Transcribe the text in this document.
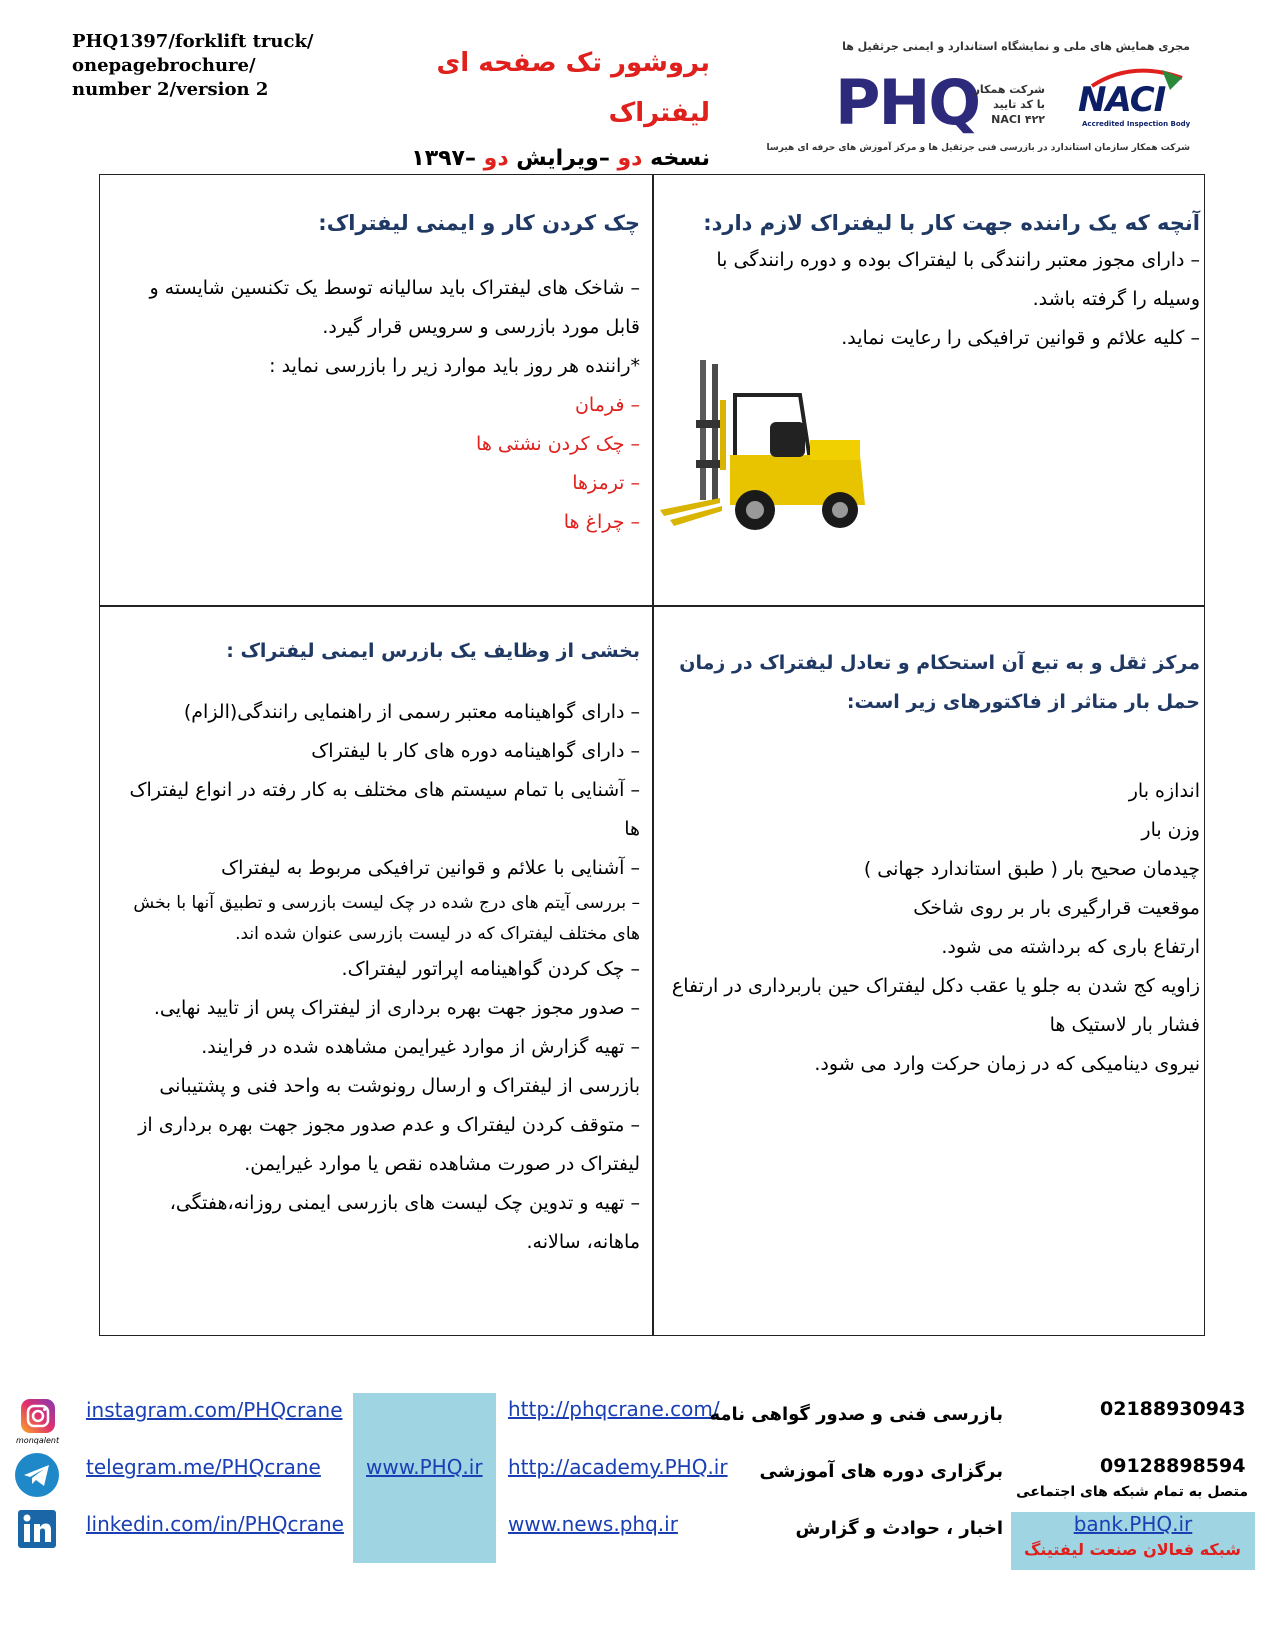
PHQ1397/forklift truck/
onepagebrochure/
number 2/version 2
بروشور تک صفحه ای
لیفتراک
نسخه دو –ویرایش دو –۱۳۹۷
مجری همایش های ملی و نمایشگاه استاندارد و ایمنی جرثقیل ها
PHQ
شرکت همکار
با کد تایید
NACI ۴۲۲ NACI
Accredited Inspection Body
شرکت همکار سازمان استاندارد در بازرسی فنی جرثقیل ها و مرکز آموزش های حرفه ای هیرسا
آنچه که یک راننده جهت کار با لیفتراک لازم دارد:
– دارای مجوز معتبر رانندگی با لیفتراک بوده و دوره رانندگی با وسیله را گرفته باشد.
– کلیه علائم و قوانین ترافیکی را رعایت نماید.
چک کردن کار و ایمنی لیفتراک:
– شاخک های لیفتراک باید سالیانه توسط یک تکنسین شایسته و قابل مورد بازرسی و سرویس قرار گیرد.
*راننده هر روز باید موارد زیر را بازرسی نماید :
– فرمان
– چک کردن نشتی ها
– ترمزها
– چراغ ها
مرکز ثقل و به تبع آن استحکام و تعادل لیفتراک در زمان حمل بار متاثر از فاکتورهای زیر است:
اندازه بار
وزن بار
چیدمان صحیح بار ( طبق استاندارد جهانی )
موقعیت قرارگیری بار بر روی شاخک
ارتفاع باری که برداشته می شود.
زاویه کج شدن به جلو یا عقب دکل لیفتراک حین باربرداری در ارتفاع
فشار بار لاستیک ها
نیروی دینامیکی که در زمان حرکت وارد می شود.
بخشی از وظایف یک بازرس ایمنی لیفتراک :
– دارای گواهینامه معتبر رسمی از راهنمایی رانندگی(الزام)
– دارای گواهینامه دوره های کار با لیفتراک
– آشنایی با تمام سیستم های مختلف به کار رفته در انواع لیفتراک ها
– آشنایی با علائم و قوانین ترافیکی مربوط به لیفتراک
– بررسی آیتم های درج شده در چک لیست بازرسی و تطبیق آنها با بخش های مختلف لیفتراک که در لیست بازرسی عنوان شده اند.
– چک کردن گواهینامه اپراتور لیفتراک.
– صدور مجوز جهت بهره برداری از لیفتراک پس از تایید نهایی.
– تهیه گزارش از موارد غیرایمن مشاهده شده در فرایند.
بازرسی از لیفتراک و ارسال رونوشت به واحد فنی و پشتیبانی
– متوقف کردن لیفتراک و عدم صدور مجوز جهت بهره برداری از لیفتراک در صورت مشاهده نقص یا موارد غیرایمن.
– تهیه و تدوین چک لیست های بازرسی ایمنی روزانه،هفتگی، ماهانه، سالانه.
monqalent
instagram.com/PHQcrane
telegram.me/PHQcrane
linkedin.com/in/PHQcrane
www.PHQ.ir
http://phqcrane.com/
http://academy.PHQ.ir
www.news.phq.ir
بازرسی فنی و صدور گواهی نامه
برگزاری دوره های آموزشی
اخبار ، حوادث و گزارش
02188930943
09128898594
متصل به تمام شبکه های اجتماعی
bank.PHQ.ir
شبکه فعالان صنعت لیفتینگ
